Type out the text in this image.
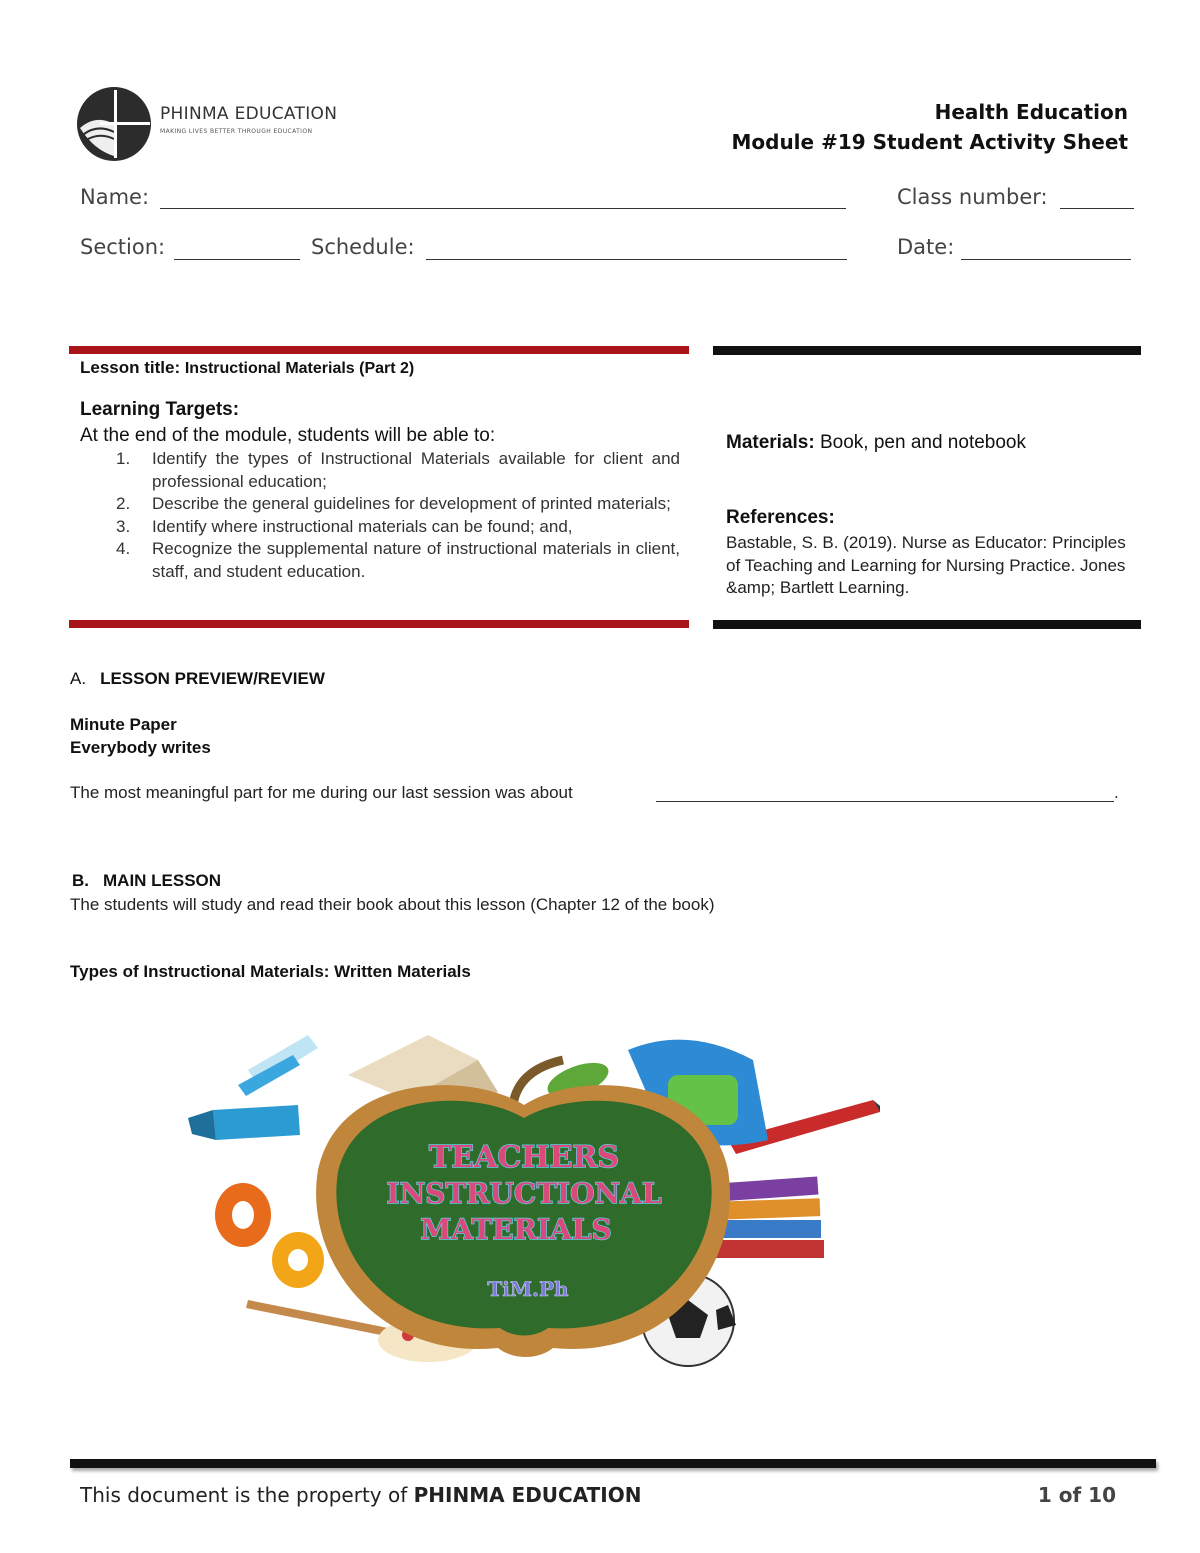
PHINMA EDUCATION
MAKING LIVES BETTER THROUGH EDUCATION
Health Education
Module #19 Student Activity Sheet
Name:	Class number:
Section:	Schedule:	Date:
Lesson title: Instructional Materials (Part 2)
Learning Targets:
At the end of the module, students will be able to:
1. Identify the types of Instructional Materials available for client and professional education;
2. Describe the general guidelines for development of printed materials;
3. Identify where instructional materials can be found; and,
4. Recognize the supplemental nature of instructional materials in client, staff, and student education.
Materials: Book, pen and notebook
References:
Bastable, S. B. (2019). Nurse as Educator: Principles of Teaching and Learning for Nursing Practice. Jones &amp; Bartlett Learning.
A. LESSON PREVIEW/REVIEW
Minute Paper
Everybody writes
The most meaningful part for me during our last session was about	.
B. MAIN LESSON
The students will study and read their book about this lesson (Chapter 12 of the book)
Types of Instructional Materials: Written Materials
TEACHERS
INSTRUCTIONAL
MATERIALS
TiM.Ph
This document is the property of PHINMA EDUCATION	1 of 10
